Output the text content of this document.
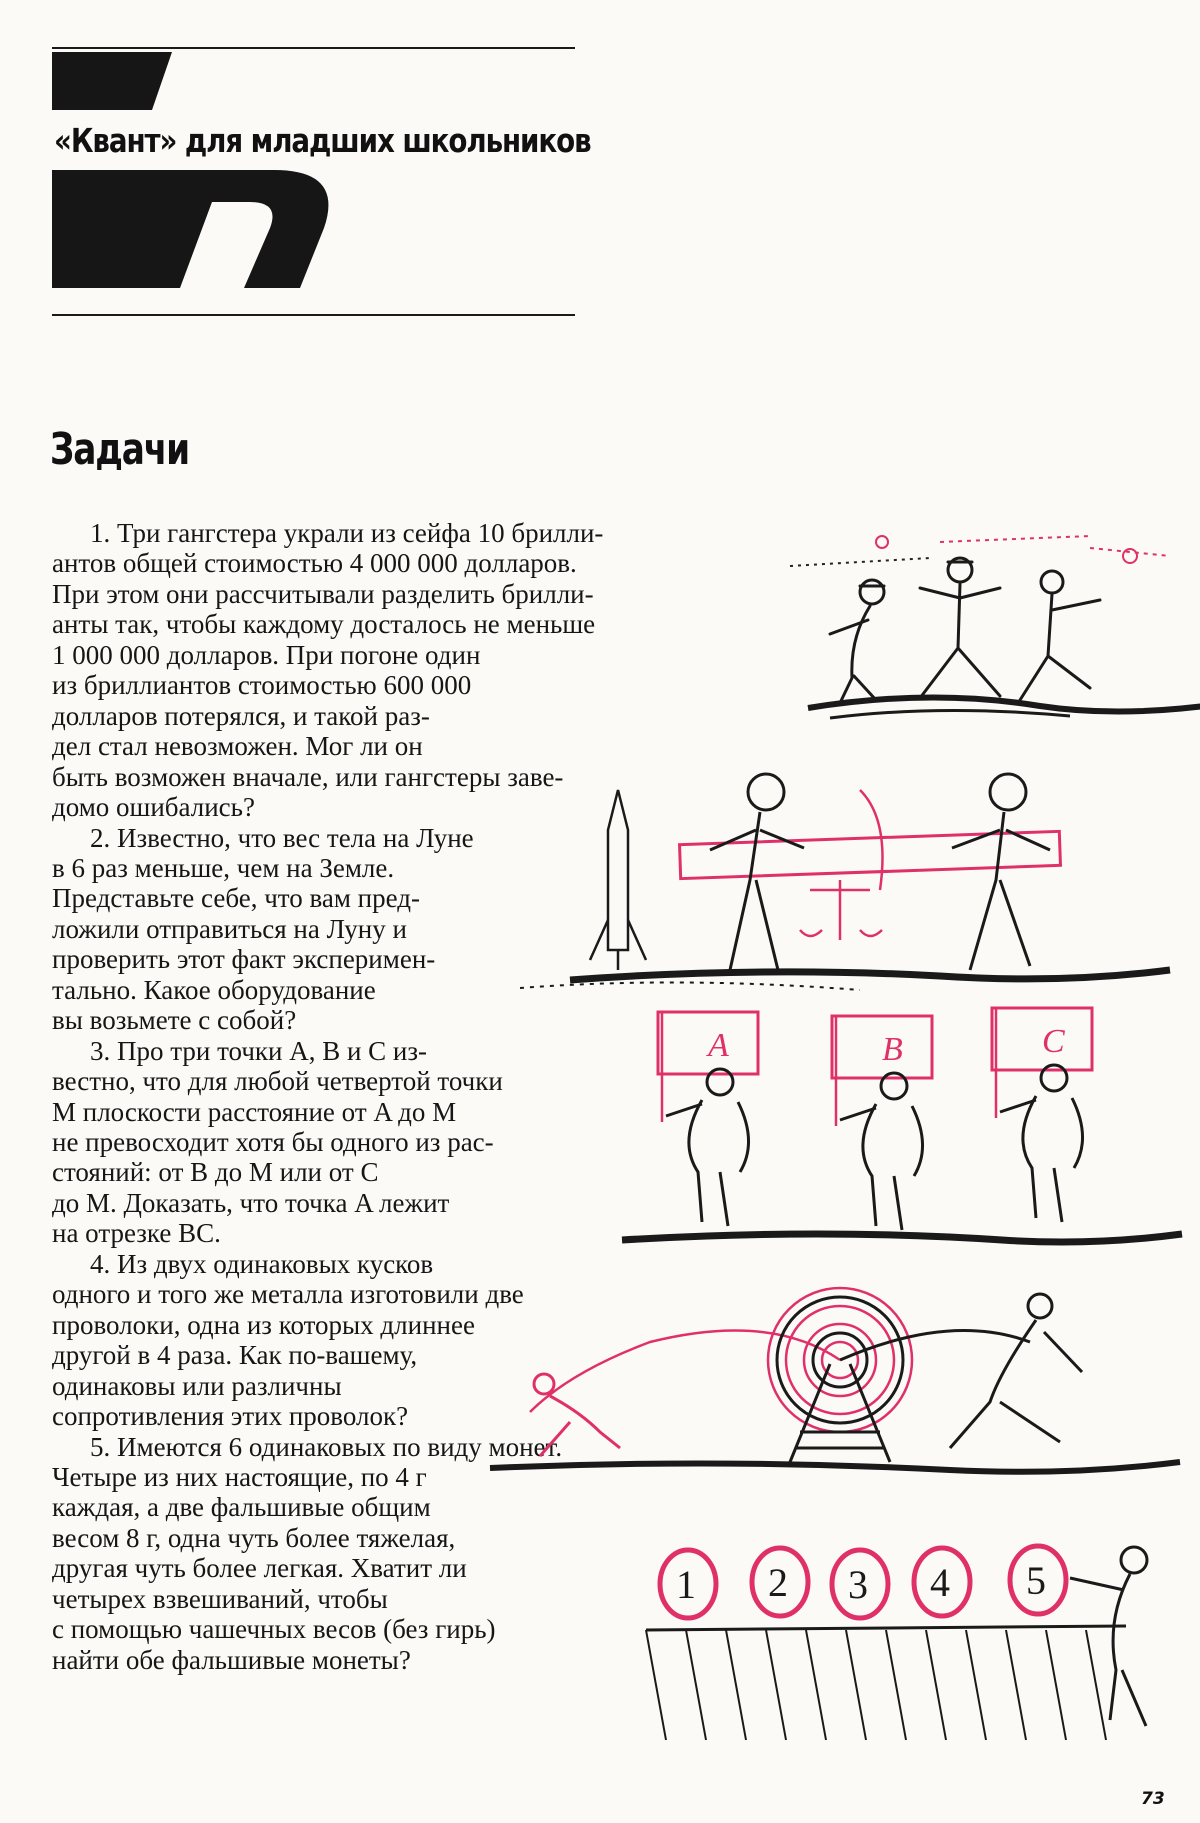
«Квант» для младших школьников
Задачи
1. Три гангстера украли из сейфа 10 брилли-
антов общей стоимостью 4 000 000 долларов.
При этом они рассчитывали разделить брилли-
анты так, чтобы каждому досталось не меньше
1 000 000 долларов. При погоне один
из бриллиантов стоимостью 600 000
долларов потерялся, и такой раз-
дел стал невозможен. Мог ли он
быть возможен вначале, или гангстеры заве-
домо ошибались?
2. Известно, что вес тела на Луне
в 6 раз меньше, чем на Земле.
Представьте себе, что вам пред-
ложили отправиться на Луну и
проверить этот факт эксперимен-
тально. Какое оборудование
вы возьмете с собой?
3. Про три точки A, B и C из-
вестно, что для любой четвертой точки
M плоскости расстояние от A до M
не превосходит хотя бы одного из рас-
стояний: от B до M или от C
до M. Доказать, что точка A лежит
на отрезке BC.
4. Из двух одинаковых кусков
одного и того же металла изготовили две
проволоки, одна из которых длиннее
другой в 4 раза. Как по-вашему,
одинаковы или различны
сопротивления этих проволок?
5. Имеются 6 одинаковых по виду монет.
Четыре из них настоящие, по 4 г
каждая, а две фальшивые общим
весом 8 г, одна чуть более тяжелая,
другая чуть более легкая. Хватит ли
четырех взвешиваний, чтобы
с помощью чашечных весов (без гирь)
найти обе фальшивые монеты?
A	B	C
1 2 3 4 5
73
